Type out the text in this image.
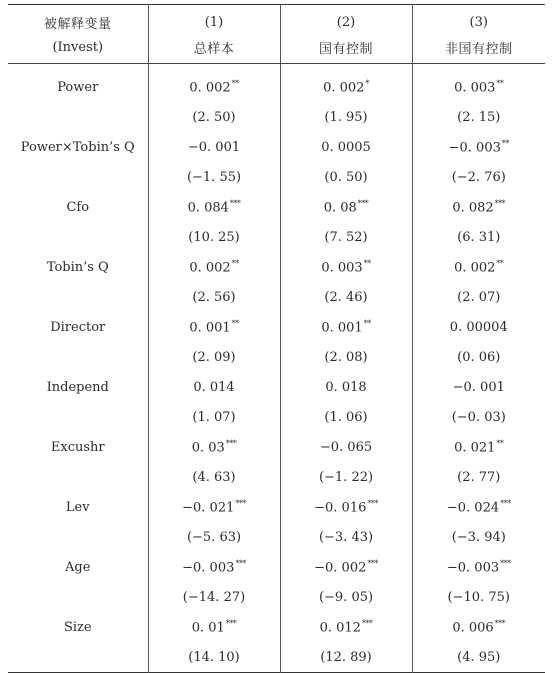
被解释变量	(1)	(2)	(3)
(Invest)	总样本	国有控制	非国有控制
Power	0. 002**	0. 002*	0. 003**
	(2. 50)	(1. 95)	(2. 15)
Power×Tobin’s Q	−0. 001	0. 0005	−0. 003**
	(−1. 55)	(0. 50)	(−2. 76)
Cfo	0. 084***	0. 08***	0. 082***
	(10. 25)	(7. 52)	(6. 31)
Tobin’s Q	0. 002**	0. 003**	0. 002**
	(2. 56)	(2. 46)	(2. 07)
Director	0. 001**	0. 001**	0. 00004
	(2. 09)	(2. 08)	(0. 06)
Independ	0. 014	0. 018	−0. 001
	(1. 07)	(1. 06)	(−0. 03)
Excushr	0. 03***	−0. 065	0. 021**
	(4. 63)	(−1. 22)	(2. 77)
Lev	−0. 021***	−0. 016***	−0. 024***
	(−5. 63)	(−3. 43)	(−3. 94)
Age	−0. 003***	−0. 002***	−0. 003***
	(−14. 27)	(−9. 05)	(−10. 75)
Size	0. 01***	0. 012***	0. 006***
	(14. 10)	(12. 89)	(4. 95)
